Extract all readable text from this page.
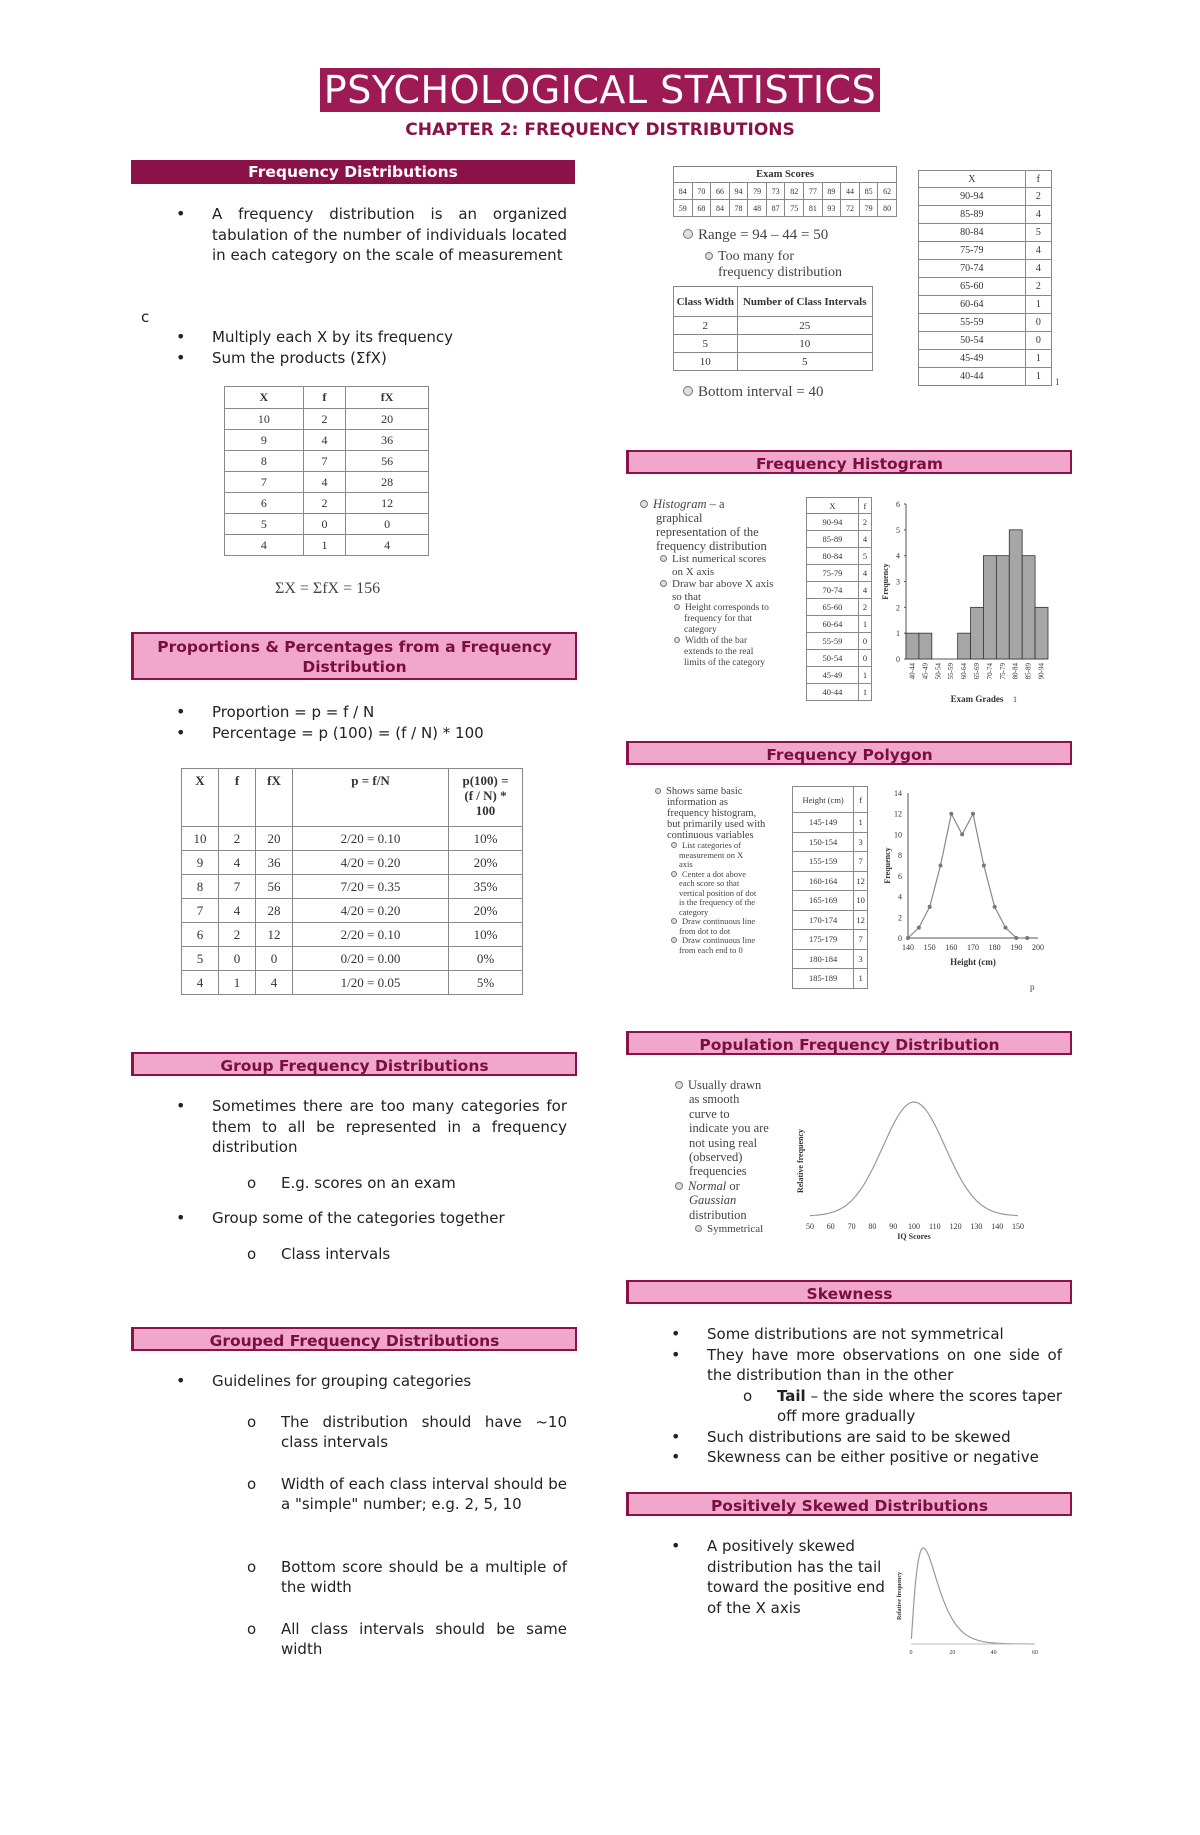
PSYCHOLOGICAL STATISTICS
CHAPTER 2: FREQUENCY DISTRIBUTIONS
Frequency Distributions
• A frequency distribution is an organized tabulation of the number of individuals located in each category on the scale of measurement
c
• Multiply each X by its frequency
• Sum the products (ΣfX)
X	f	fX
10	2	20
9	4	36
8	7	56
7	4	28
6	2	12
5	0	0
4	1	4
ΣX = ΣfX = 156
Proportions & Percentages from a Frequency
Distribution
• Proportion = p = f / N
• Percentage = p (100) = (f / N) * 100
X	f	fX	p = f/N	p(100) = (f / N) * 100
10	2	20	2/20 = 0.10	10%
9	4	36	4/20 = 0.20	20%
8	7	56	7/20 = 0.35	35%
7	4	28	4/20 = 0.20	20%
6	2	12	2/20 = 0.10	10%
5	0	0	0/20 = 0.00	0%
4	1	4	1/20 = 0.05	5%
Group Frequency Distributions
• Sometimes there are too many categories for them to all be represented in a frequency distribution
o E.g. scores on an exam
• Group some of the categories together
o Class intervals
Grouped Frequency Distributions
• Guidelines for grouping categories
o The distribution should have ~10 class intervals
o Width of each class interval should be a "simple" number; e.g. 2, 5, 10
o Bottom score should be a multiple of the width
o All class intervals should be same width
Exam Scores											
84	70	66	94	79	73	82	77	89	44	85	62
59	68	84	78	48	87	75	81	93	72	79	80
Range = 94 – 44 = 50
Too many for
frequency distribution
Class Width	Number of Class Intervals
2	25
5	10
10	5
Bottom interval = 40
X	f
90-94	2
85-89	4
80-84	5
75-79	4
70-74	4
65-60	2
60-64	1
55-59	0
50-54	0
45-49	1
40-44	1 1
Frequency Histogram
Histogram – a
graphical
representation of the
frequency distribution
List numerical scores
on X axis
Draw bar above X axis
so that
Height corresponds to
frequency for that
category
Width of the bar
extends to the real
limits of the category
X	f
90-94	2
85-89	4
80-84	5
75-79	4
70-74	4
65-60	2
60-64	1
55-59	0
50-54	0
45-49	1
40-44	1
0
1
2
3
4
5
6
40-44 45-49 50-54 55-59 60-64 65-69 70-74 75-79 80-84 85-89 90-94
Frequency
Exam Grades 1
Frequency Polygon
Shows same basic
information as
frequency histogram,
but primarily used with
continuous variables
List categories of
measurement on X
axis
Center a dot above
each score so that
vertical position of dot
is the frequency of the
category
Draw continuous line
from dot to dot
Draw continuous line
from each end to 0
Height (cm)	f
145-149	1
150-154	3
155-159	7
160-164	12
165-169	10
170-174	12
175-179	7
180-184	3
185-189	1
0
2
4
6
8
10
12
14
140 150 160 170 180 190 200
Frequency
Height (cm)
p
Population Frequency Distribution
Usually drawn
as smooth
curve to
indicate you are
not using real
(observed)
frequencies
Normal or
Gaussian
distribution
Symmetrical	50 60 70 80 90 100 110 120 130 140 150
IQ Scores
Relative frequency
Skewness
• Some distributions are not symmetrical
• They have more observations on one side of the distribution than in the other
o Tail – the side where the scores taper off more gradually
• Such distributions are said to be skewed
• Skewness can be either positive or negative
Positively Skewed Distributions
• A positively skewed distribution has the tail toward the positive end of the X axis
0	20	40	60
Relative frequency
